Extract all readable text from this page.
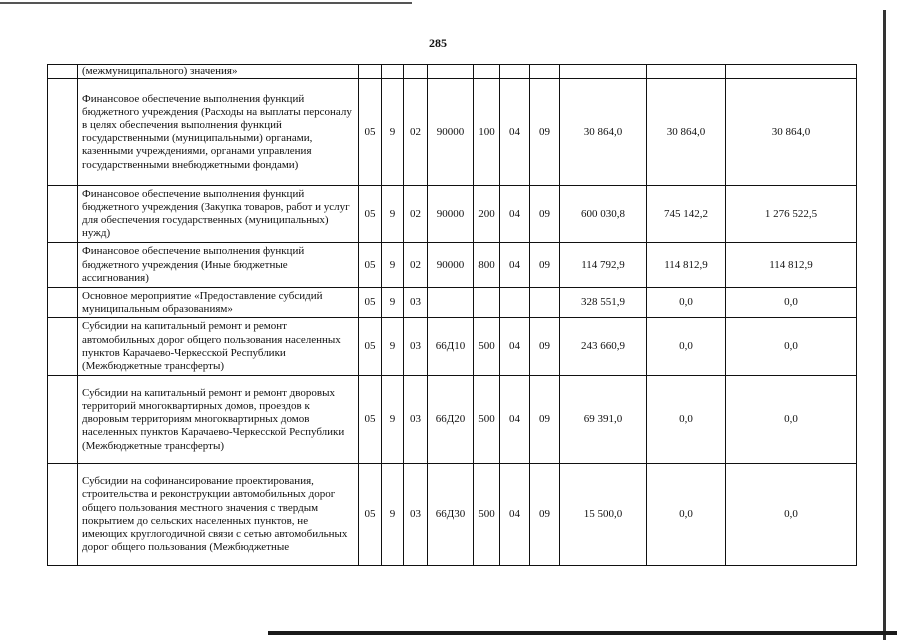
285
	(межмуниципального) значения»										
	Финансовое обеспечение выполнения функций бюджетного учреждения (Расходы на выплаты персоналу в целях обеспечения выполнения функций государственными (муниципальными) органами, казенными учреждениями, органами управления государственными внебюджетными фондами)	05	9	02	90000	100	04	09	30 864,0	30 864,0	30 864,0
	Финансовое обеспечение выполнения функций бюджетного учреждения (Закупка товаров, работ и услуг для обеспечения государственных (муниципальных) нужд)	05	9	02	90000	200	04	09	600 030,8	745 142,2	1 276 522,5
	Финансовое обеспечение выполнения функций бюджетного учреждения (Иные бюджетные ассигнования)	05	9	02	90000	800	04	09	114 792,9	114 812,9	114 812,9
	Основное мероприятие «Предоставление субсидий муниципальным образованиям»	05	9	03					328 551,9	0,0	0,0
	Субсидии на капитальный ремонт и ремонт автомобильных дорог общего пользования населенных пунктов Карачаево-Черкесской Республики (Межбюджетные трансферты)	05	9	03	66Д10	500	04	09	243 660,9	0,0	0,0
	Субсидии на капитальный ремонт и ремонт дворовых территорий многоквартирных домов, проездов к дворовым территориям многоквартирных домов населенных пунктов Карачаево-Черкесской Республики (Межбюджетные трансферты)	05	9	03	66Д20	500	04	09	69 391,0	0,0	0,0
	Субсидии на софинансирование проектирования, строительства и реконструкции автомобильных дорог общего пользования местного значения с твердым покрытием до сельских населенных пунктов, не имеющих круглогодичной связи с сетью автомобильных дорог общего пользования (Межбюджетные	05	9	03	66Д30	500	04	09	15 500,0	0,0	0,0
